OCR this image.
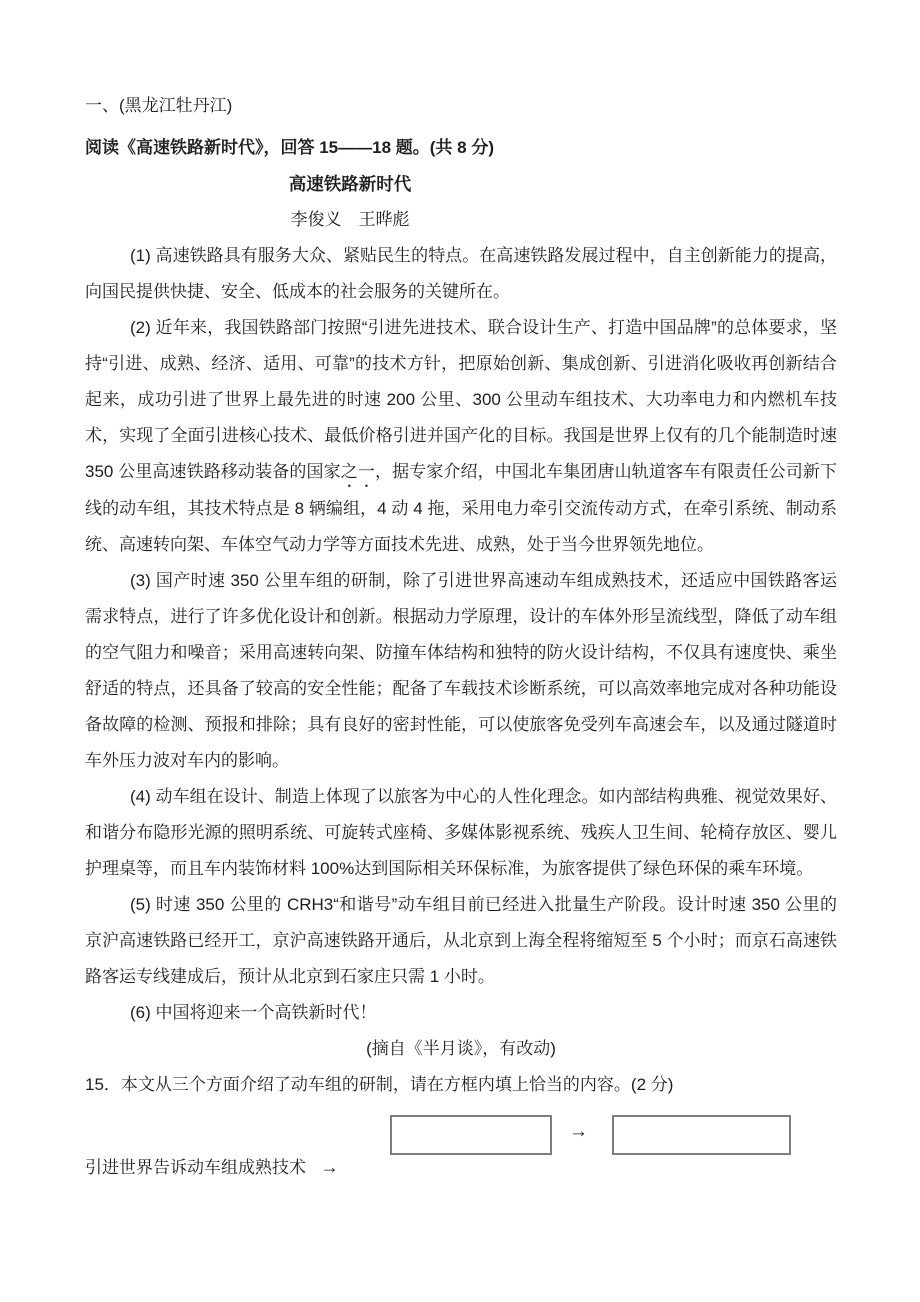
一、(黑龙江牡丹江)

阅读《高速铁路新时代》，回答 15——18 题。(共 8 分)

高速铁路新时代

李俊义　王晔彪

(1) 高速铁路具有服务大众、紧贴民生的特点。在高速铁路发展过程中，自主创新能力的提高，向国民提供快捷、安全、低成本的社会服务的关键所在。

(2) 近年来，我国铁路部门按照“引进先进技术、联合设计生产、打造中国品牌”的总体要求，坚持“引进、成熟、经济、适用、可靠”的技术方针，把原始创新、集成创新、引进消化吸收再创新结合起来，成功引进了世界上最先进的时速 200 公里、300 公里动车组技术、大功率电力和内燃机车技术，实现了全面引进核心技术、最低价格引进并国产化的目标。我国是世界上仅有的几个能制造时速 350 公里高速铁路移动装备的国家之一，据专家介绍，中国北车集团唐山轨道客车有限责任公司新下线的动车组，其技术特点是 8 辆编组，4 动 4 拖，采用电力牵引交流传动方式，在牵引系统、制动系统、高速转向架、车体空气动力学等方面技术先进、成熟，处于当今世界领先地位。

(3) 国产时速 350 公里车组的研制，除了引进世界高速动车组成熟技术，还适应中国铁路客运需求特点，进行了许多优化设计和创新。根据动力学原理，设计的车体外形呈流线型，降低了动车组的空气阻力和噪音；采用高速转向架、防撞车体结构和独特的防火设计结构，不仅具有速度快、乘坐舒适的特点，还具备了较高的安全性能；配备了车载技术诊断系统，可以高效率地完成对各种功能设备故障的检测、预报和排除；具有良好的密封性能，可以使旅客免受列车高速会车，以及通过隧道时车外压力波对车内的影响。

(4) 动车组在设计、制造上体现了以旅客为中心的人性化理念。如内部结构典雅、视觉效果好、和谐分布隐形光源的照明系统、可旋转式座椅、多媒体影视系统、残疾人卫生间、轮椅存放区、婴儿护理桌等，而且车内装饰材料 100%达到国际相关环保标准，为旅客提供了绿色环保的乘车环境。

(5) 时速 350 公里的 CRH3“和谐号”动车组目前已经进入批量生产阶段。设计时速 350 公里的京沪高速铁路已经开工，京沪高速铁路开通后，从北京到上海全程将缩短至 5 个小时；而京石高速铁路客运专线建成后，预计从北京到石家庄只需 1 小时。

(6) 中国将迎来一个高铁新时代！

(摘自《半月谈》，有改动)

15．本文从三个方面介绍了动车组的研制，请在方框内填上恰当的内容。(2 分)

引进世界告诉动车组成熟技术 →
→
